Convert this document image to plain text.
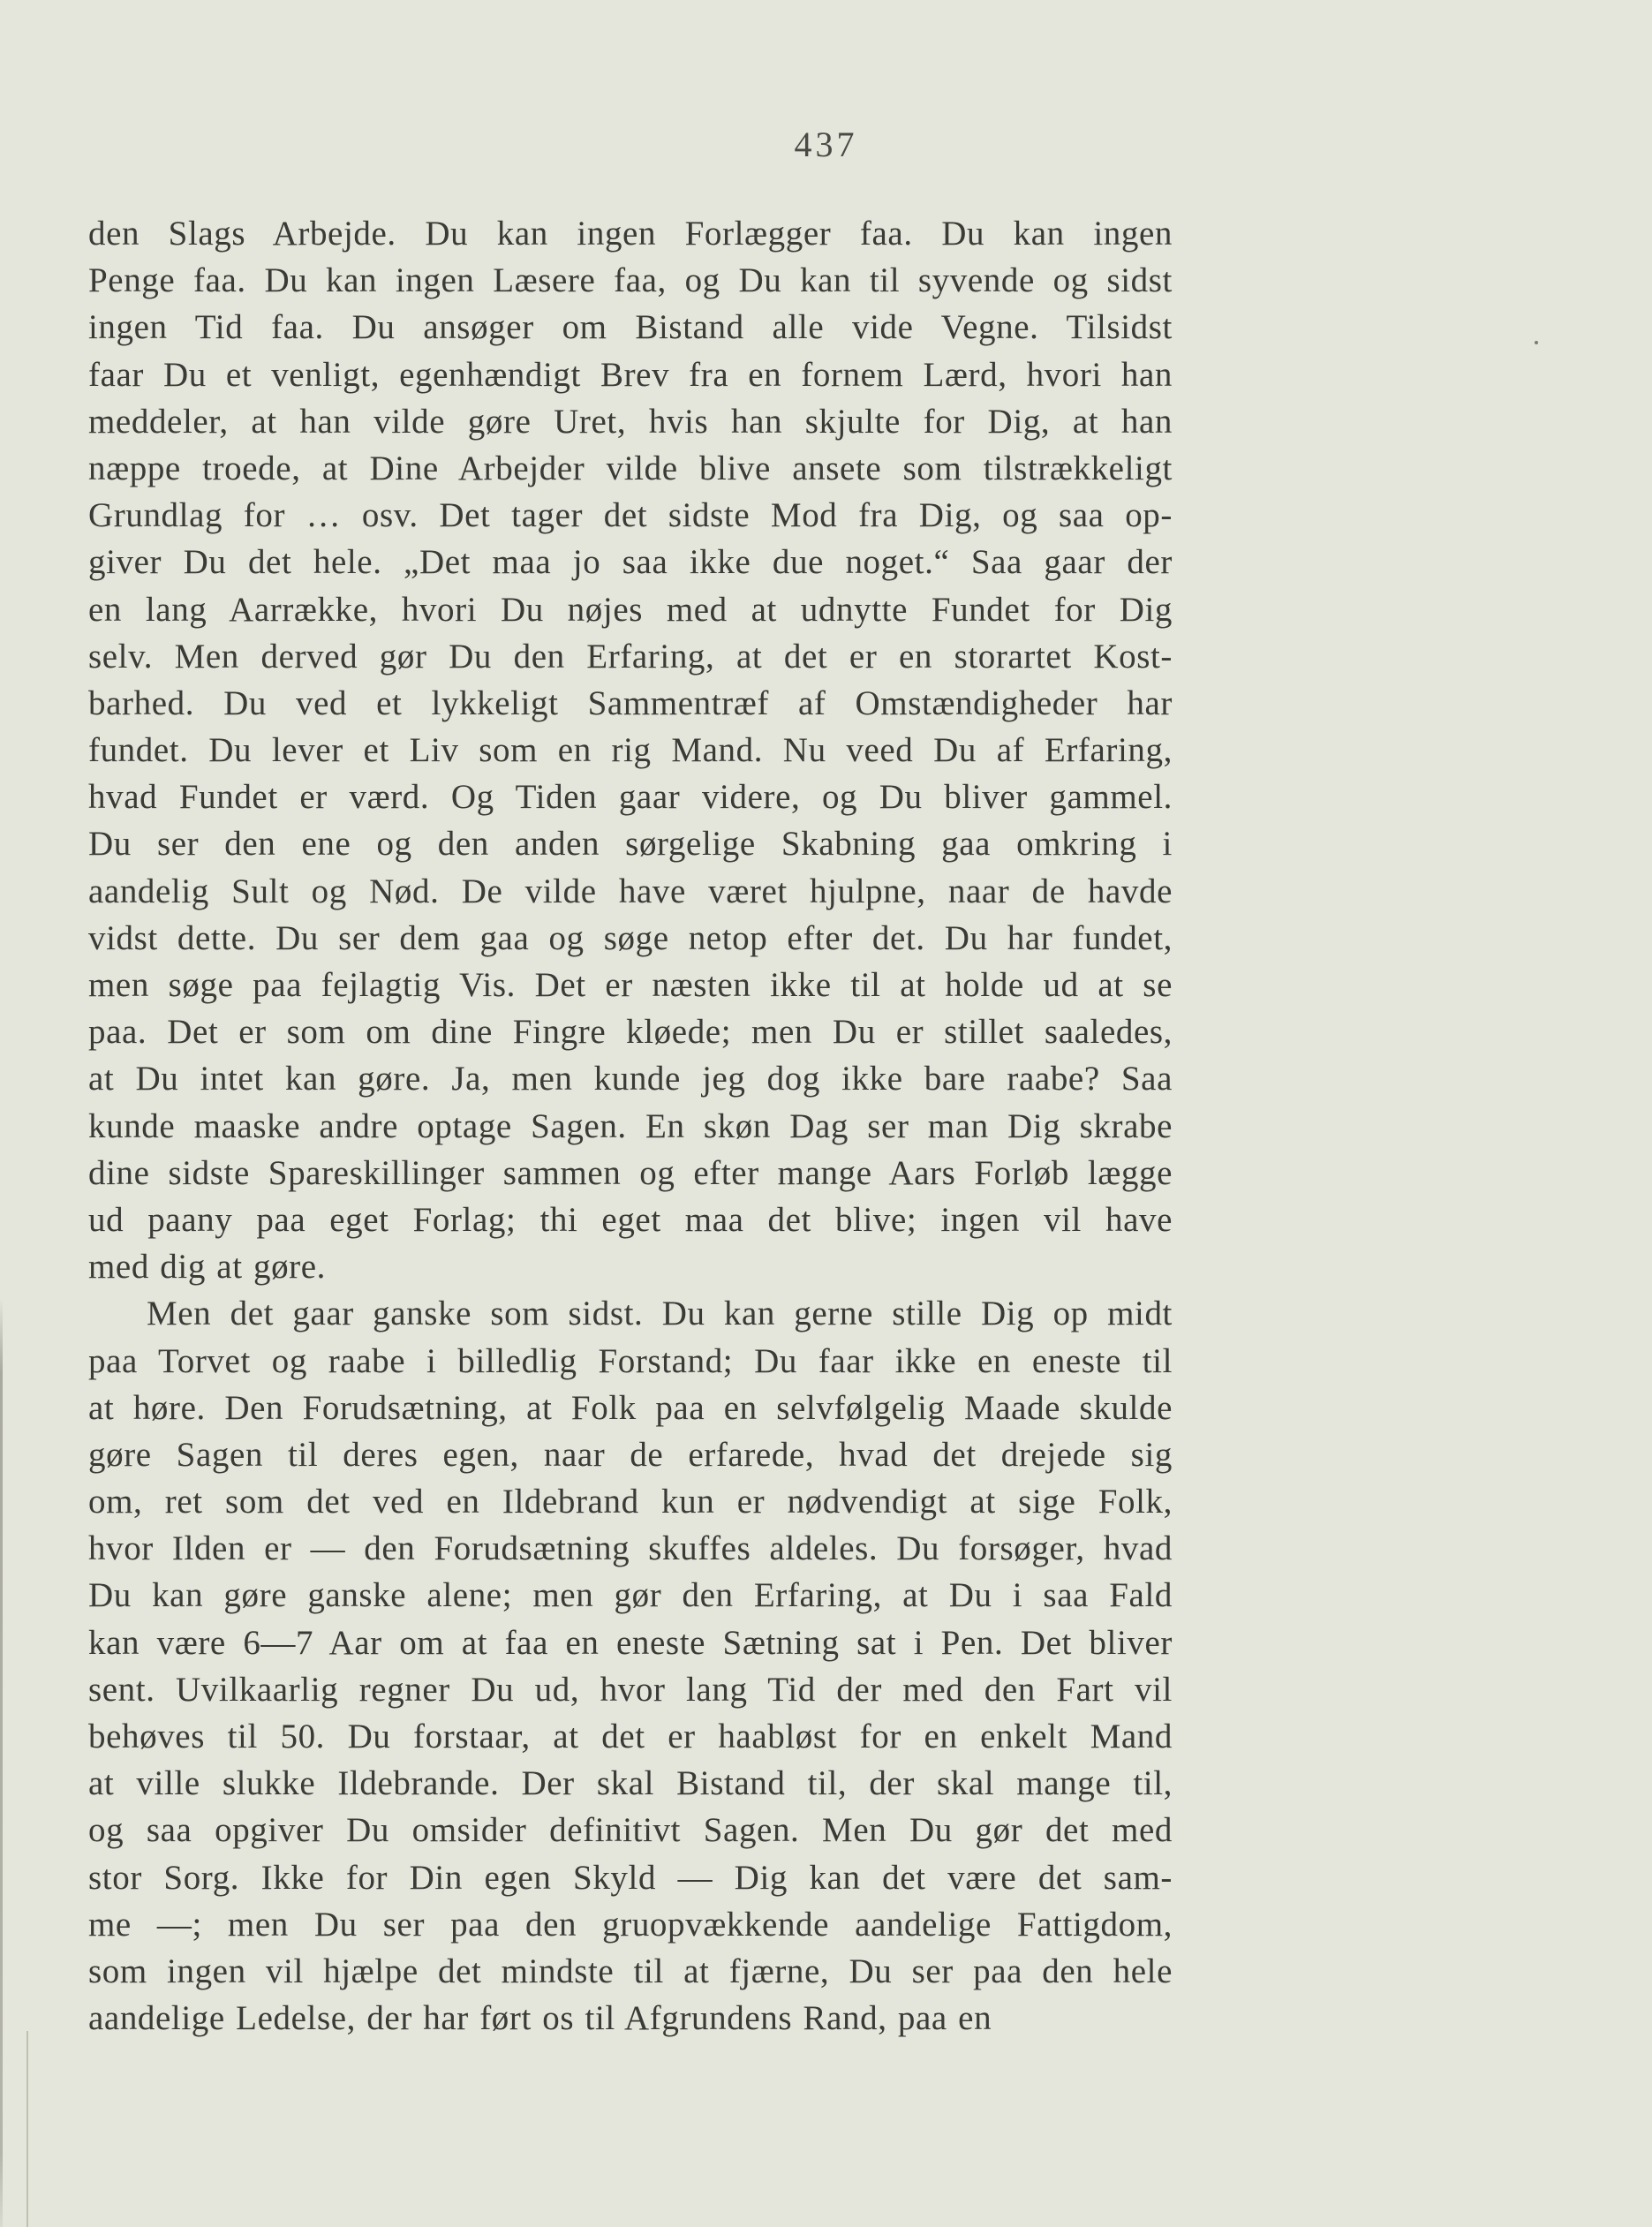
437
den Slags Arbejde. Du kan ingen Forlægger faa. Du kan ingen
Penge faa. Du kan ingen Læsere faa, og Du kan til syvende og sidst
ingen Tid faa. Du ansøger om Bistand alle vide Vegne. Tilsidst
faar Du et venligt, egenhændigt Brev fra en fornem Lærd, hvori han
meddeler, at han vilde gøre Uret, hvis han skjulte for Dig, at han
næppe troede, at Dine Arbejder vilde blive ansete som tilstrækkeligt
Grundlag for … osv. Det tager det sidste Mod fra Dig, og saa op-
giver Du det hele. „Det maa jo saa ikke due noget.“ Saa gaar der
en lang Aarrække, hvori Du nøjes med at udnytte Fundet for Dig
selv. Men derved gør Du den Erfaring, at det er en storartet Kost-
barhed. Du ved et lykkeligt Sammentræf af Omstændigheder har
fundet. Du lever et Liv som en rig Mand. Nu veed Du af Erfaring,
hvad Fundet er værd. Og Tiden gaar videre, og Du bliver gammel.
Du ser den ene og den anden sørgelige Skabning gaa omkring i
aandelig Sult og Nød. De vilde have været hjulpne, naar de havde
vidst dette. Du ser dem gaa og søge netop efter det. Du har fundet,
men søge paa fejlagtig Vis. Det er næsten ikke til at holde ud at se
paa. Det er som om dine Fingre kløede; men Du er stillet saaledes,
at Du intet kan gøre. Ja, men kunde jeg dog ikke bare raabe? Saa
kunde maaske andre optage Sagen. En skøn Dag ser man Dig skrabe
dine sidste Spareskillinger sammen og efter mange Aars Forløb lægge
ud paany paa eget Forlag; thi eget maa det blive; ingen vil have
med dig at gøre.
Men det gaar ganske som sidst. Du kan gerne stille Dig op midt
paa Torvet og raabe i billedlig Forstand; Du faar ikke en eneste til
at høre. Den Forudsætning, at Folk paa en selvfølgelig Maade skulde
gøre Sagen til deres egen, naar de erfarede, hvad det drejede sig
om, ret som det ved en Ildebrand kun er nødvendigt at sige Folk,
hvor Ilden er — den Forudsætning skuffes aldeles. Du forsøger, hvad
Du kan gøre ganske alene; men gør den Erfaring, at Du i saa Fald
kan være 6—7 Aar om at faa en eneste Sætning sat i Pen. Det bliver
sent. Uvilkaarlig regner Du ud, hvor lang Tid der med den Fart vil
behøves til 50. Du forstaar, at det er haabløst for en enkelt Mand
at ville slukke Ildebrande. Der skal Bistand til, der skal mange til,
og saa opgiver Du omsider definitivt Sagen. Men Du gør det med
stor Sorg. Ikke for Din egen Skyld — Dig kan det være det sam-
me —; men Du ser paa den gruopvækkende aandelige Fattigdom,
som ingen vil hjælpe det mindste til at fjærne, Du ser paa den hele
aandelige Ledelse, der har ført os til Afgrundens Rand, paa en
